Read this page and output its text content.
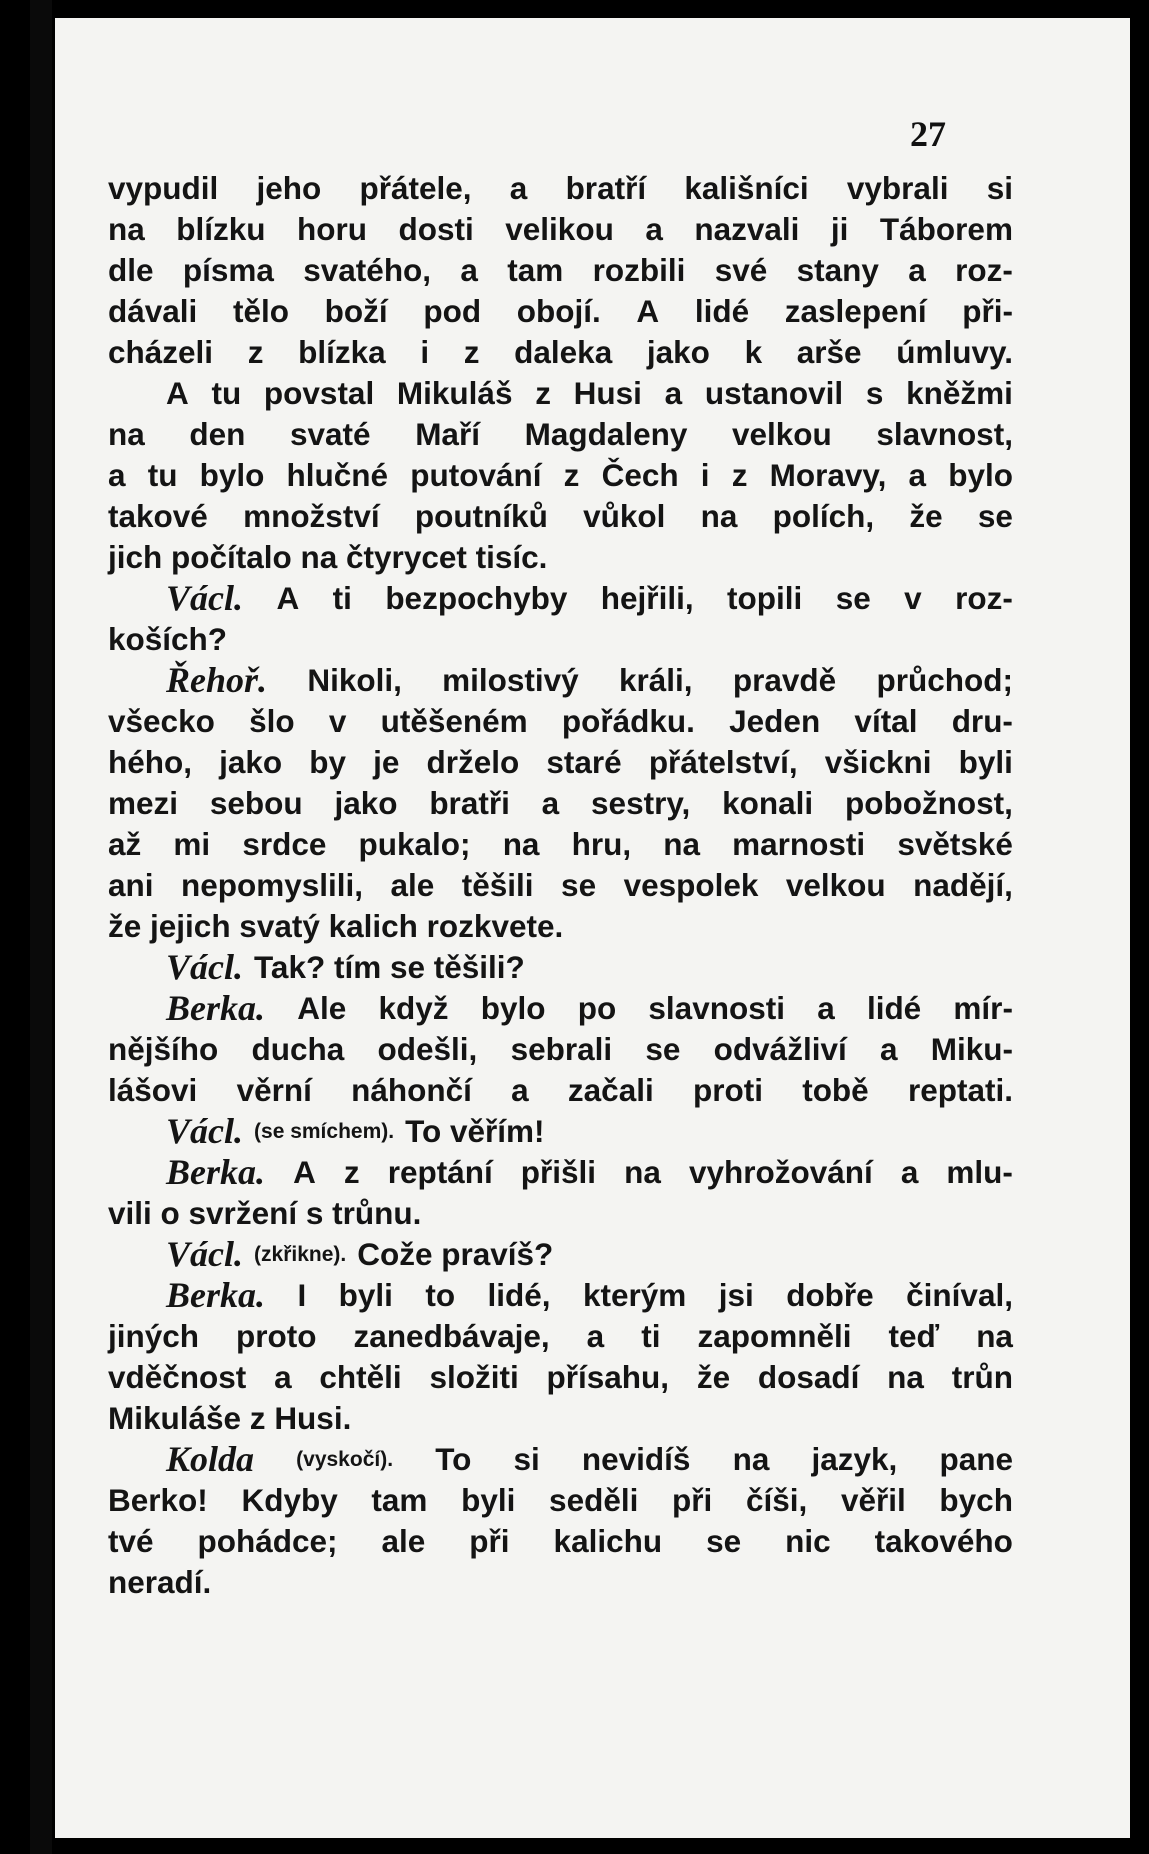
27
vypudil jeho přátele, a bratří kališníci vybrali si
na blízku horu dosti velikou a nazvali ji Táborem
dle písma svatého, a tam rozbili své stany a roz-
dávali tělo boží pod obojí. A lidé zaslepení při-
cházeli z blízka i z daleka jako k arše úmluvy.
A tu povstal Mikuláš z Husi a ustanovil s kněžmi
na den svaté Maří Magdaleny velkou slavnost,
a tu bylo hlučné putování z Čech i z Moravy, a bylo
takové množství poutníků vůkol na polích, že se
jich počítalo na čtyrycet tisíc.
Václ. A ti bezpochyby hejřili, topili se v roz-
koších?
Řehoř. Nikoli, milostivý králi, pravdě průchod;
všecko šlo v utěšeném pořádku. Jeden vítal dru-
hého, jako by je drželo staré přátelství, všickni byli
mezi sebou jako bratři a sestry, konali pobožnost,
až mi srdce pukalo; na hru, na marnosti světské
ani nepomyslili, ale těšili se vespolek velkou nadějí,
že jejich svatý kalich rozkvete.
Václ. Tak? tím se těšili?
Berka. Ale když bylo po slavnosti a lidé mír-
nějšího ducha odešli, sebrali se odvážliví a Miku-
lášovi věrní náhončí a začali proti tobě reptati.
Václ. (se smíchem). To věřím!
Berka. A z reptání přišli na vyhrožování a mlu-
vili o svržení s trůnu.
Václ. (zkřikne). Cože pravíš?
Berka. I byli to lidé, kterým jsi dobře činíval,
jiných proto zanedbávaje, a ti zapomněli teď na
vděčnost a chtěli složiti přísahu, že dosadí na trůn
Mikuláše z Husi.
Kolda (vyskočí). To si nevidíš na jazyk, pane
Berko! Kdyby tam byli seděli při číši, věřil bych
tvé pohádce; ale při kalichu se nic takového
neradí.
